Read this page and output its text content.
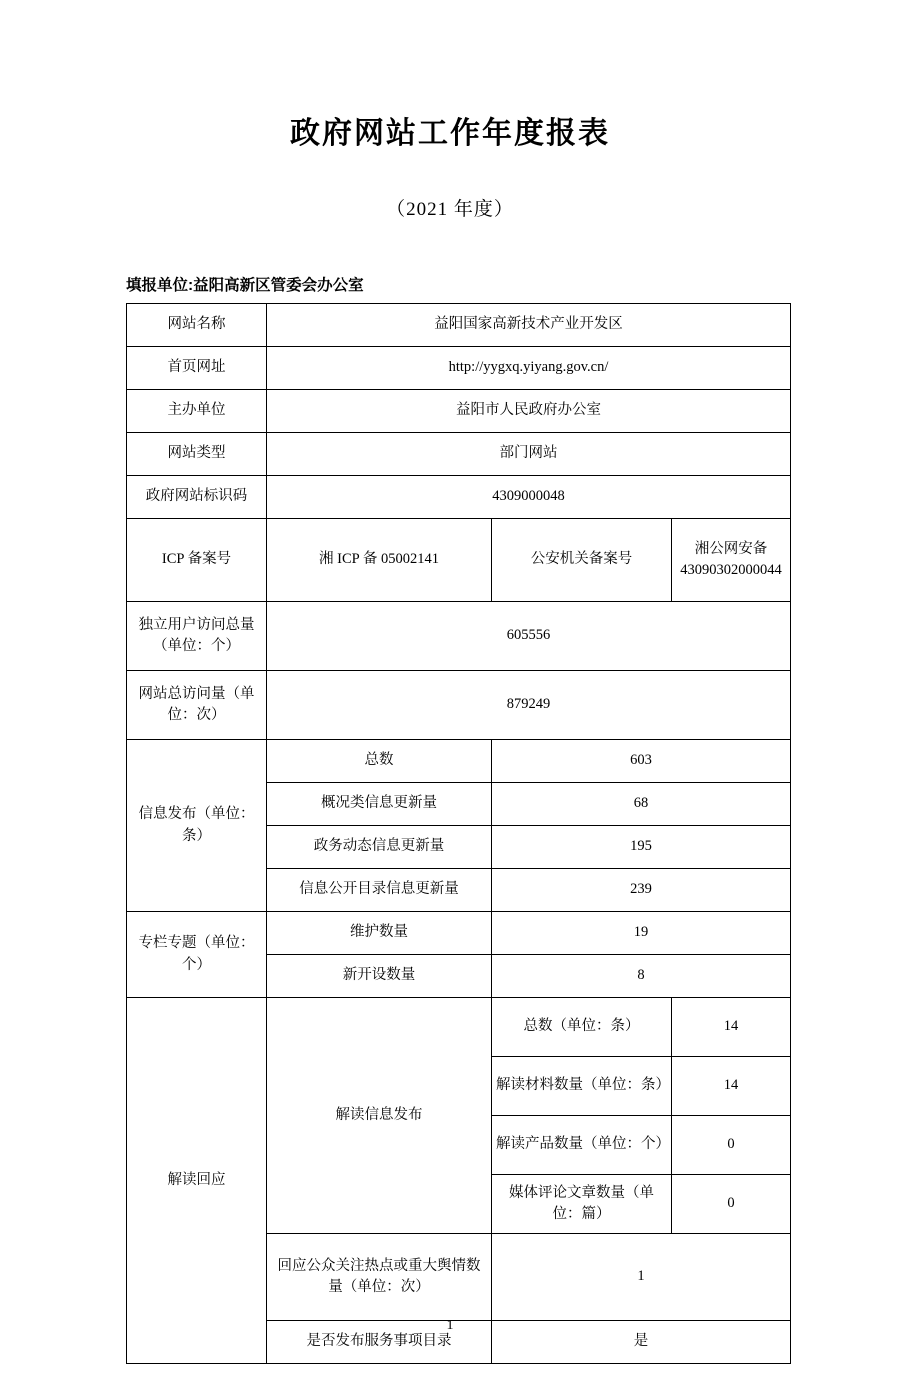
政府网站工作年度报表
（2021 年度）
填报单位:益阳高新区管委会办公室
网站名称	益阳国家高新技术产业开发区		
首页网址	http://yygxq.yiyang.gov.cn/		
主办单位	益阳市人民政府办公室		
网站类型	部门网站		
政府网站标识码	4309000048		
ICP 备案号	湘 ICP 备 05002141	公安机关备案号	湘公网安备 43090302000044
独立用户访问总量（单位：个）	605556		
网站总访问量（单位：次）	879249		
信息发布（单位：条）	总数	603	
	概况类信息更新量	68	
	政务动态信息更新量	195	
	信息公开目录信息更新量	239	
专栏专题（单位：个）	维护数量	19	
	新开设数量	8	
解读回应	解读信息发布	总数（单位：条）	14
		解读材料数量（单位：条）	14
		解读产品数量（单位：个）	0
		媒体评论文章数量（单位：篇）	0
	回应公众关注热点或重大舆情数量（单位：次）	1	
	是否发布服务事项目录	是	
1
